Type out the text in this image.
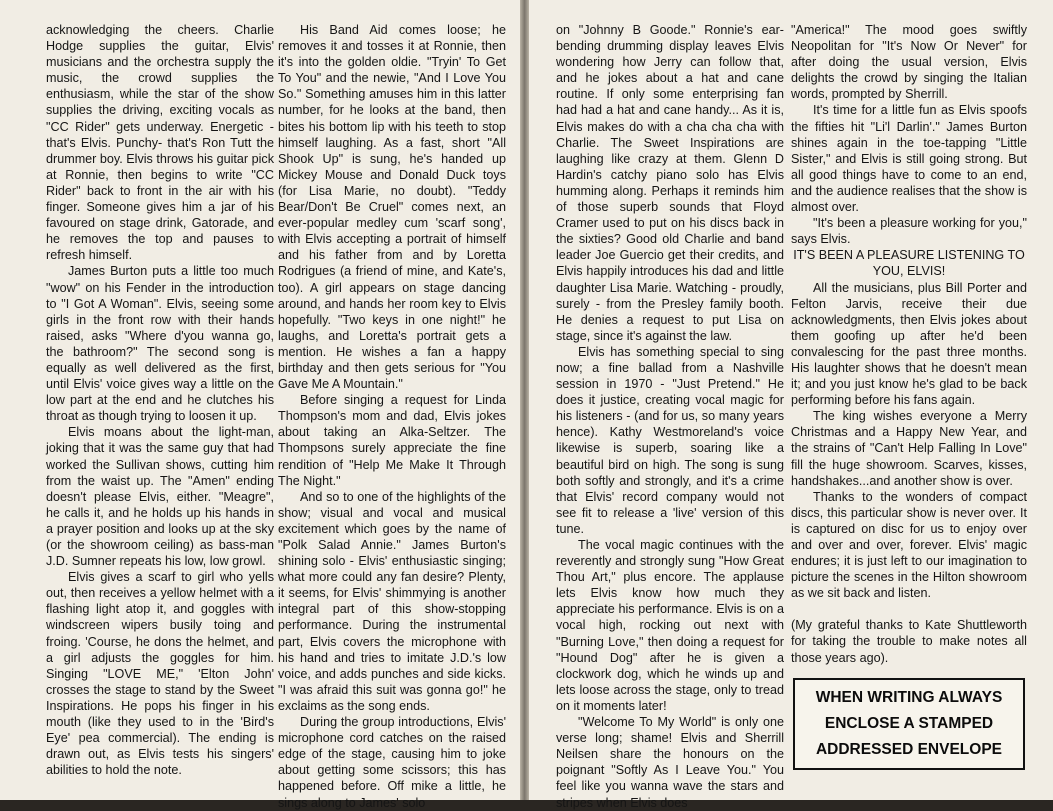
acknowledging the cheers. Charlie Hodge supplies the guitar, Elvis' musicians and the orchestra supply the music, the crowd supplies the enthusiasm, while the star of the show supplies the driving, exciting vocals as "CC Rider" gets underway. Energetic - that's Elvis. Punchy- that's Ron Tutt the drummer boy. Elvis throws his guitar pick at Ronnie, then begins to write "CC Rider" back to front in the air with his finger. Someone gives him a jar of his favoured on stage drink, Gatorade, and he removes the top and pauses to refresh himself.

James Burton puts a little too much "wow" on his Fender in the introduction to "I Got A Woman". Elvis, seeing some girls in the front row with their hands raised, asks "Where d'you wanna go, the bathroom?" The second song is equally as well delivered as the first, until Elvis' voice gives way a little on the low part at the end and he clutches his throat as though trying to loosen it up.

Elvis moans about the light-man, joking that it was the same guy that had worked the Sullivan shows, cutting him from the waist up. The "Amen" ending doesn't please Elvis, either. "Meagre", he calls it, and he holds up his hands in a prayer position and looks up at the sky (or the showroom ceiling) as bass-man J.D. Sumner repeats his low, low growl.

Elvis gives a scarf to girl who yells out, then receives a yellow helmet with a flashing light atop it, and goggles with windscreen wipers busily toing and froing. 'Course, he dons the helmet, and a girl adjusts the goggles for him. Singing "LOVE ME," 'Elton John' crosses the stage to stand by the Sweet Inspirations. He pops his finger in his mouth (like they used to in the 'Bird's Eye' pea commercial). The ending is drawn out, as Elvis tests his singers' abilities to hold the note.

His Band Aid comes loose; he removes it and tosses it at Ronnie, then it's into the golden oldie. "Tryin' To Get To You" and the newie, "And I Love You So." Something amuses him in this latter number, for he looks at the band, then bites his bottom lip with his teeth to stop himself laughing. As a fast, short "All Shook Up" is sung, he's handed up Mickey Mouse and Donald Duck toys (for Lisa Marie, no doubt). "Teddy Bear/Don't Be Cruel" comes next, an ever-popular medley cum 'scarf song', with Elvis accepting a portrait of himself and his father from and by Loretta Rodrigues (a friend of mine, and Kate's, too). A girl appears on stage dancing around, and hands her room key to Elvis hopefully. "Two keys in one night!" he laughs, and Loretta's portrait gets a mention. He wishes a fan a happy birthday and then gets serious for "You Gave Me A Mountain."

Before singing a request for Linda Thompson's mom and dad, Elvis jokes about taking an Alka-Seltzer. The Thompsons surely appreciate the fine rendition of "Help Me Make It Through The Night."

And so to one of the highlights of the show; visual and vocal and musical excitement which goes by the name of "Polk Salad Annie." James Burton's shining solo - Elvis' enthusiastic singing; what more could any fan desire? Plenty, it seems, for Elvis' shimmying is another integral part of this show-stopping performance. During the instrumental part, Elvis covers the microphone with his hand and tries to imitate J.D.'s low voice, and adds punches and side kicks. "I was afraid this suit was gonna go!" he exclaims as the song ends.

During the group introductions, Elvis' microphone cord catches on the raised edge of the stage, causing him to joke about getting some scissors; this has happened before. Off mike a little, he sings along to James' solo

on "Johnny B Goode." Ronnie's ear-bending drumming display leaves Elvis wondering how Jerry can follow that, and he jokes about a hat and cane routine. If only some enterprising fan had had a hat and cane handy... As it is, Elvis makes do with a cha cha cha with Charlie. The Sweet Inspirations are laughing like crazy at them. Glenn D Hardin's catchy piano solo has Elvis humming along. Perhaps it reminds him of those superb sounds that Floyd Cramer used to put on his discs back in the sixties? Good old Charlie and band leader Joe Guercio get their credits, and Elvis happily introduces his dad and little daughter Lisa Marie. Watching - proudly, surely - from the Presley family booth. He denies a request to put Lisa on stage, since it's against the law.

Elvis has something special to sing now; a fine ballad from a Nashville session in 1970 - "Just Pretend." He does it justice, creating vocal magic for his listeners - (and for us, so many years hence). Kathy Westmoreland's voice likewise is superb, soaring like a beautiful bird on high. The song is sung both softly and strongly, and it's a crime that Elvis' record company would not see fit to release a 'live' version of this tune.

The vocal magic continues with the reverently and strongly sung "How Great Thou Art," plus encore. The applause lets Elvis know how much they appreciate his performance. Elvis is on a vocal high, rocking out next with "Burning Love," then doing a request for "Hound Dog" after he is given a clockwork dog, which he winds up and lets loose across the stage, only to tread on it moments later!

"Welcome To My World" is only one verse long; shame! Elvis and Sherrill Neilsen share the honours on the poignant "Softly As I Leave You." You feel like you wanna wave the stars and stripes when Elvis does

"America!" The mood goes swiftly Neopolitan for "It's Now Or Never" for after doing the usual version, Elvis delights the crowd by singing the Italian words, prompted by Sherrill.

It's time for a little fun as Elvis spoofs the fifties hit "Li'l Darlin'." James Burton shines again in the toe-tapping "Little Sister," and Elvis is still going strong. But all good things have to come to an end, and the audience realises that the show is almost over.

"It's been a pleasure working for you," says Elvis.

IT'S BEEN A PLEASURE LISTENING TO YOU, ELVIS!

All the musicians, plus Bill Porter and Felton Jarvis, receive their due acknowledgments, then Elvis jokes about them goofing up after he'd been convalescing for the past three months. His laughter shows that he doesn't mean it; and you just know he's glad to be back performing before his fans again.

The king wishes everyone a Merry Christmas and a Happy New Year, and the strains of "Can't Help Falling In Love" fill the huge showroom. Scarves, kisses, handshakes...and another show is over.

Thanks to the wonders of compact discs, this particular show is never over. It is captured on disc for us to enjoy over and over and over, forever. Elvis' magic endures; it is just left to our imagination to picture the scenes in the Hilton showroom as we sit back and listen.

(My grateful thanks to Kate Shuttleworth for taking the trouble to make notes all those years ago).

WHEN WRITING ALWAYS
ENCLOSE A STAMPED
ADDRESSED ENVELOPE
